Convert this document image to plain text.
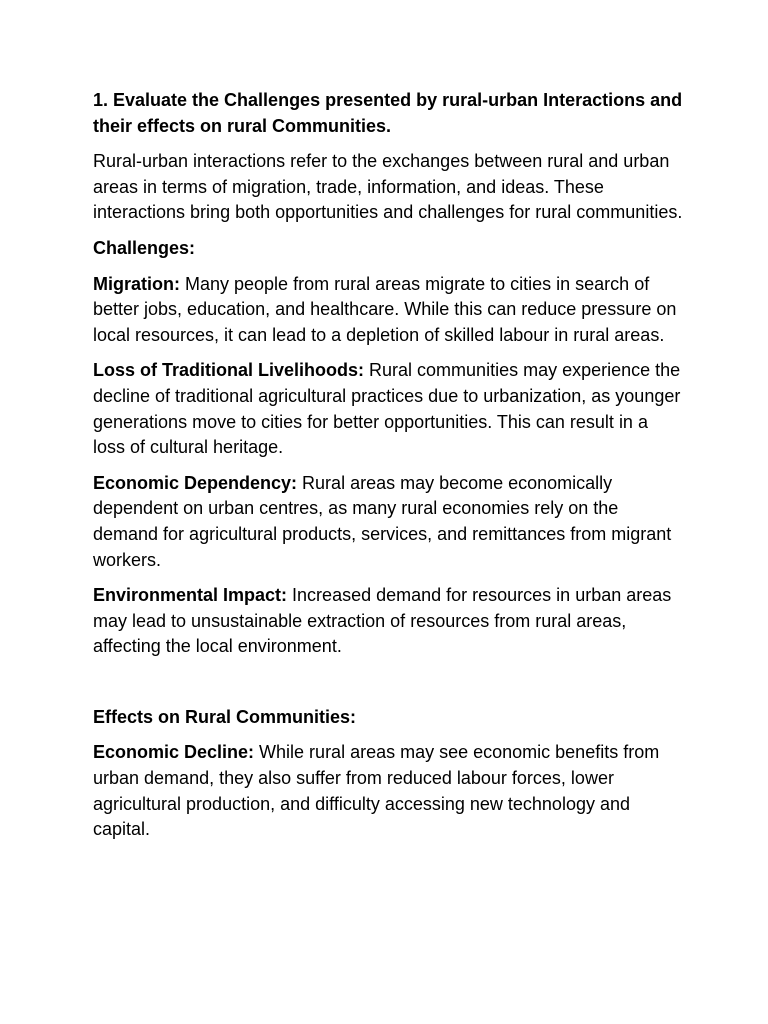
1. Evaluate the Challenges presented by rural-urban Interactions and their effects on rural Communities.

Rural-urban interactions refer to the exchanges between rural and urban areas in terms of migration, trade, information, and ideas. These interactions bring both opportunities and challenges for rural communities.

Challenges:

Migration: Many people from rural areas migrate to cities in search of better jobs, education, and healthcare. While this can reduce pressure on local resources, it can lead to a depletion of skilled labour in rural areas.

Loss of Traditional Livelihoods: Rural communities may experience the decline of traditional agricultural practices due to urbanization, as younger generations move to cities for better opportunities. This can result in a loss of cultural heritage.

Economic Dependency: Rural areas may become economically dependent on urban centres, as many rural economies rely on the demand for agricultural products, services, and remittances from migrant workers.

Environmental Impact: Increased demand for resources in urban areas may lead to unsustainable extraction of resources from rural areas, affecting the local environment.

Effects on Rural Communities:

Economic Decline: While rural areas may see economic benefits from urban demand, they also suffer from reduced labour forces, lower agricultural production, and difficulty accessing new technology and capital.
